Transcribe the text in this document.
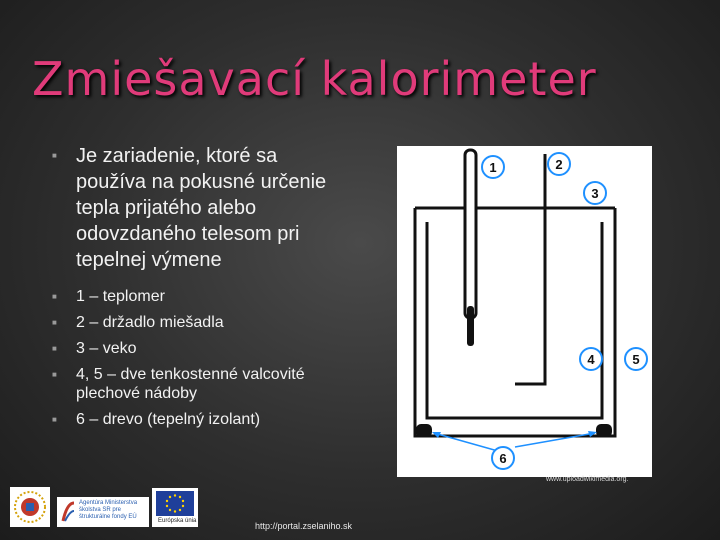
Zmiešavací kalorimeter
■ Je zariadenie, ktoré sa používa na pokusné určenie tepla prijatého alebo odovzdaného telesom pri tepelnej výmene
■ 1 – teplomer
■ 2 – držadlo miešadla
■ 3 – veko
■ 4, 5 – dve tenkostenné valcovité plechové nádoby
■ 6 – drevo (tepelný izolant)
1	2
3
4	5
6
www.uploadwikimedia.org.
Agentúra Ministerstva školstva SR pre štrukturálne fondy EÚ
Európska únia	http://portal.zselaniho.sk
